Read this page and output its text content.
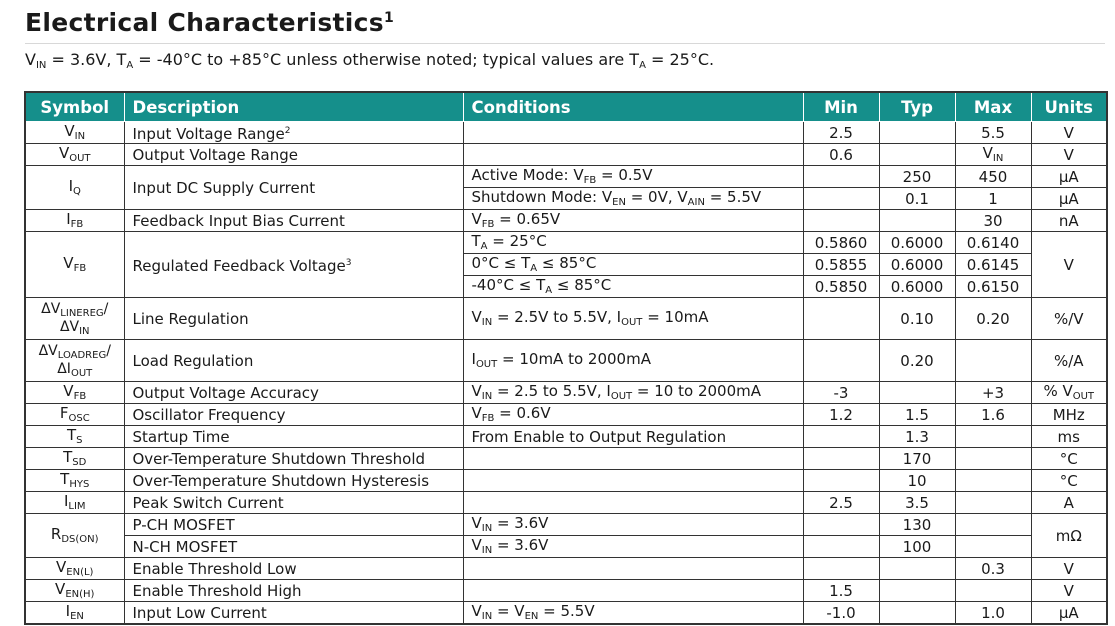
Electrical Characteristics$^1$
$V_{IN} = 3.6V$, $T_A = -40^\circ C$ to +85°C unless otherwise noted; typical values are $T_A = 25^\circ C$.
Symbol	Description	Conditions	Min	Typ	Max	Units
$V_{IN}$	Input Voltage Range$^2$		2.5		5.5	V
$V_{OUT}$	Output Voltage Range		0.6		$V_{IN}$	V
$I_Q$	Input DC Supply Current	Active Mode: $V_{FB} = 0.5V$		250	450	µA
		Shutdown Mode: $V_{EN} = 0V$, $V_{AIN} = 5.5V$		0.1	1	µA
$I_{FB}$	Feedback Input Bias Current	$V_{FB} = 0.65V$			30	nA
$V_{FB}$	Regulated Feedback Voltage$^3$	$T_A = 25^\circ C$	0.5860	0.6000	0.6140	V
		$0^\circ C \le T_A \le 85^\circ C$	0.5855	0.6000	0.6145	
		$-40^\circ C \le T_A \le 85^\circ C$	0.5850	0.6000	0.6150	

$\Delta V_{LINEREG}/$
$\Delta V_{IN}$	Line Regulation	$V_{IN} = 2.5V$ to 5.5V, $I_{OUT} = 10mA$		0.10	0.20	%/V

$\Delta V_{LOADREG}/$
$\Delta I_{OUT}$	Load Regulation	$I_{OUT} = 10mA$ to 2000mA		0.20		%/A
$V_{FB}$	Output Voltage Accuracy	$V_{IN} = 2.5$ to 5.5V, $I_{OUT} = 10$ to 2000mA	-3		+3	% $V_{OUT}$
$F_{OSC}$	Oscillator Frequency	$V_{FB} = 0.6V$	1.2	1.5	1.6	MHz
$T_S$	Startup Time	From Enable to Output Regulation		1.3		ms
$T_{SD}$	Over-Temperature Shutdown Threshold			170		°C
$T_{HYS}$	Over-Temperature Shutdown Hysteresis			10		°C
$I_{LIM}$	Peak Switch Current		2.5	3.5		A
$R_{DS(ON)}$	P-CH MOSFET	$V_{IN} = 3.6V$		130		mΩ
	N-CH MOSFET	$V_{IN} = 3.6V$		100		
$V_{EN(L)}$	Enable Threshold Low				0.3	V
$V_{EN(H)}$	Enable Threshold High		1.5			V
$I_{EN}$	Input Low Current	$V_{IN} = V_{EN} = 5.5V$	-1.0		1.0	µA
